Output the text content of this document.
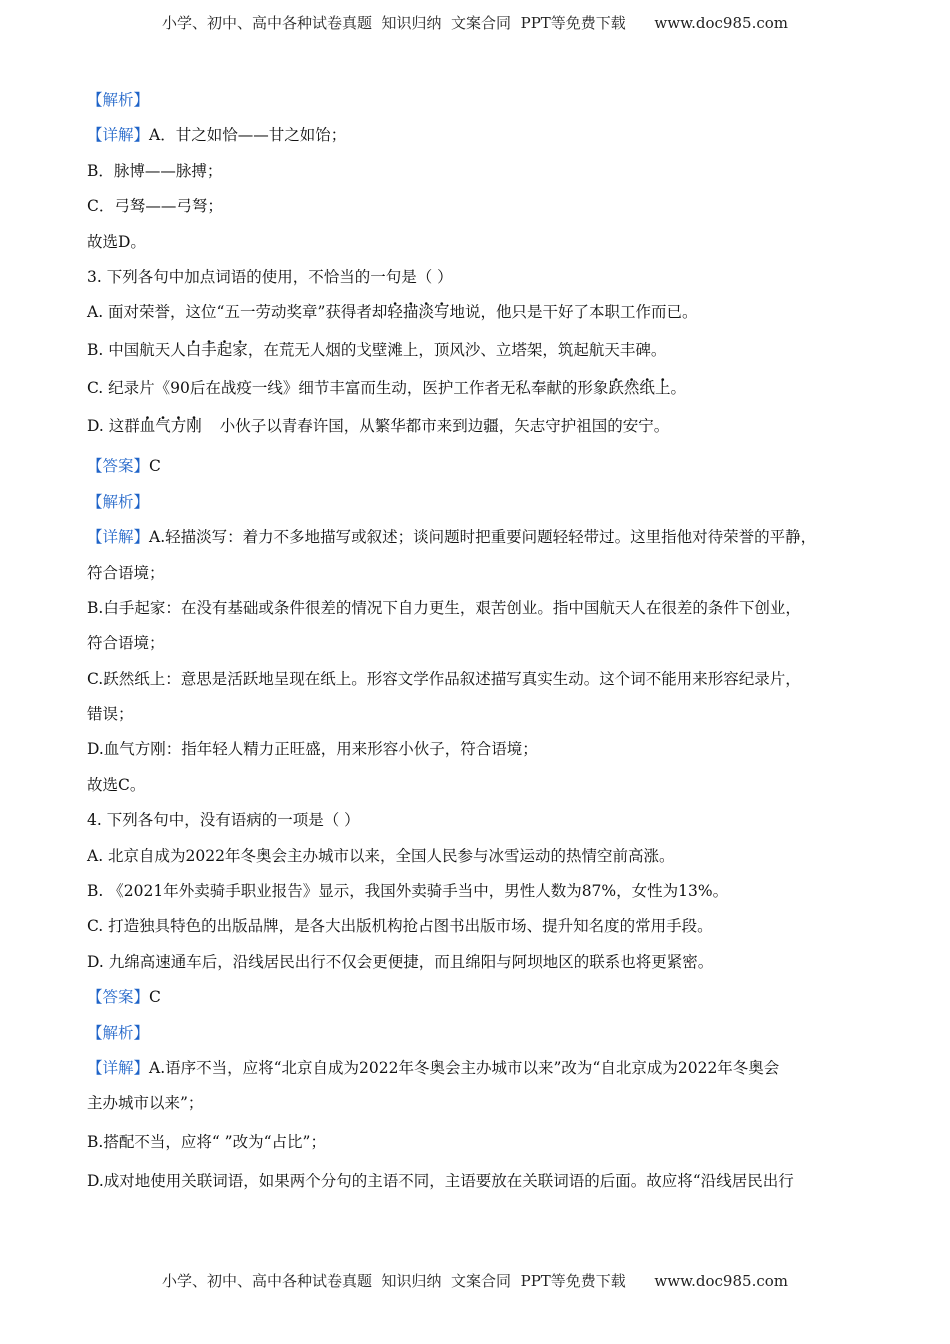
小学、初中、高中各种试卷真题  知识归纳  文案合同  PPT等免费下载      www.doc985.com
【解析】
【详解】A．甘之如恰——甘之如饴；
B．脉博——脉搏；
C．弓驽——弓弩；
故选D。
3. 下列各句中加点词语的使用，不恰当的一句是（ ）
A. 面对荣誉，这位“五一劳动奖章”获得者却轻描淡写地说，他只是干好了本职工作而已。
B. 中国航天人白手起家，在荒无人烟的戈壁滩上，顶风沙、立塔架，筑起航天丰碑。
C. 纪录片《90后在战疫一线》细节丰富而生动，医护工作者无私奉献的形象跃然纸上。
D. 这群血气方刚 小伙子以青春许国，从繁华都市来到边疆，矢志守护祖国的安宁。
【答案】C
【解析】
【详解】A.轻描淡写：着力不多地描写或叙述；谈问题时把重要问题轻轻带过。这里指他对待荣誉的平静，
符合语境；
B.白手起家：在没有基础或条件很差的情况下自力更生，艰苦创业。指中国航天人在很差的条件下创业，
符合语境；
C.跃然纸上：意思是活跃地呈现在纸上。形容文学作品叙述描写真实生动。这个词不能用来形容纪录片，
错误；
D.血气方刚：指年轻人精力正旺盛，用来形容小伙子，符合语境；
故选C。
4. 下列各句中，没有语病的一项是（ ）
A. 北京自成为2022年冬奥会主办城市以来，全国人民参与冰雪运动的热情空前高涨。
B. 《2021年外卖骑手职业报告》显示，我国外卖骑手当中，男性人数为87%，女性为13%。
C. 打造独具特色的出版品牌，是各大出版机构抢占图书出版市场、提升知名度的常用手段。
D. 九绵高速通车后，沿线居民出行不仅会更便捷，而且绵阳与阿坝地区的联系也将更紧密。
【答案】C
【解析】
【详解】A.语序不当，应将“北京自成为2022年冬奥会主办城市以来”改为“自北京成为2022年冬奥会
主办城市以来”；
B.搭配不当，应将“ ”改为“占比”；
D.成对地使用关联词语，如果两个分句的主语不同，主语要放在关联词语的后面。故应将“沿线居民出行
小学、初中、高中各种试卷真题  知识归纳  文案合同  PPT等免费下载      www.doc985.com
